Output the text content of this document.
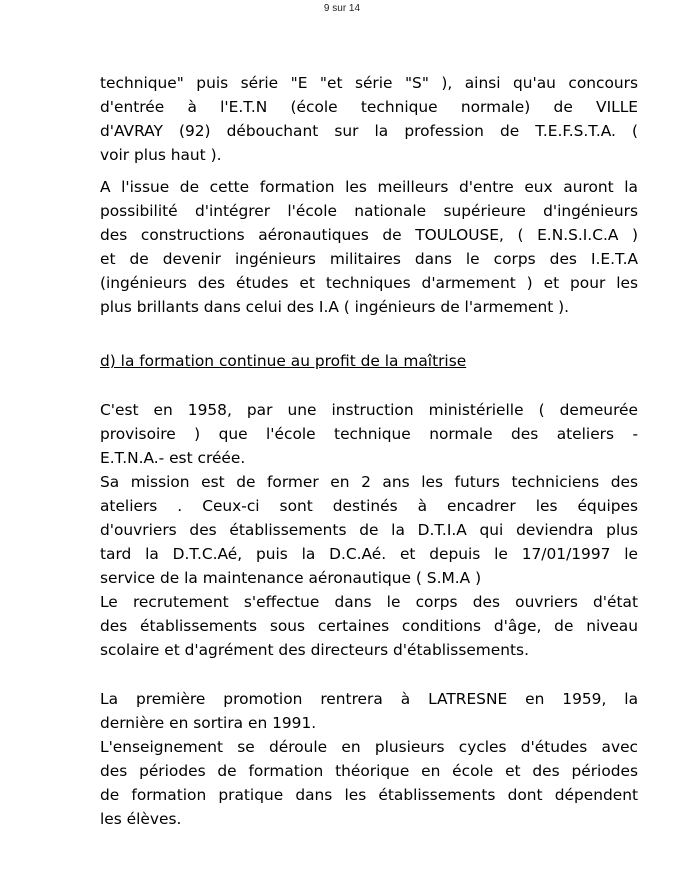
9 sur 14

technique" puis série "E "et série "S" ), ainsi qu'au concours
d'entrée à l'E.T.N (école technique normale) de VILLE
d'AVRAY (92) débouchant sur la profession de T.E.F.S.T.A. (
voir plus haut ).

A l'issue de cette formation les meilleurs d'entre eux auront la
possibilité d'intégrer l'école nationale supérieure d'ingénieurs
des constructions aéronautiques de TOULOUSE, ( E.N.S.I.C.A )
et de devenir ingénieurs militaires dans le corps des I.E.T.A
(ingénieurs des études et techniques d'armement ) et pour les
plus brillants dans celui des I.A ( ingénieurs de l'armement ).

d) la formation continue au profit de la maîtrise

C'est en 1958, par une instruction ministérielle ( demeurée
provisoire ) que l'école technique normale des ateliers -
E.T.N.A.- est créée.

Sa mission est de former en 2 ans les futurs techniciens des
ateliers . Ceux-ci sont destinés à encadrer les équipes
d'ouvriers des établissements de la D.T.I.A qui deviendra plus
tard la D.T.C.Aé, puis la D.C.Aé. et depuis le 17/01/1997 le
service de la maintenance aéronautique ( S.M.A )

Le recrutement s'effectue dans le corps des ouvriers d'état
des établissements sous certaines conditions d'âge, de niveau
scolaire et d'agrément des directeurs d'établissements.

La première promotion rentrera à LATRESNE en 1959, la
dernière en sortira en 1991.

L'enseignement se déroule en plusieurs cycles d'études avec
des périodes de formation théorique en école et des périodes
de formation pratique dans les établissements dont dépendent
les élèves.
